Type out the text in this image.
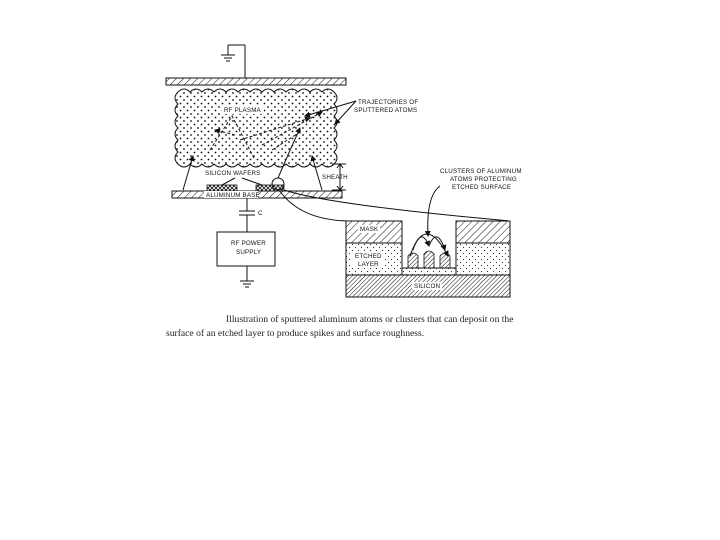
RF PLASMA
TRAJECTORIES OF
SPUTTERED ATOMS
SILICON WAFERS
ALUMINUM BASE
SHEATH
C
RF POWER
SUPPLY
MASK
ETCHED
LAYER
SILICON
CLUSTERS OF ALUMINUM
ATOMS PROTECTING
ETCHED SURFACE
Illustration of sputtered aluminum atoms or clusters that can deposit on the
surface of an etched layer to produce spikes and surface roughness.
